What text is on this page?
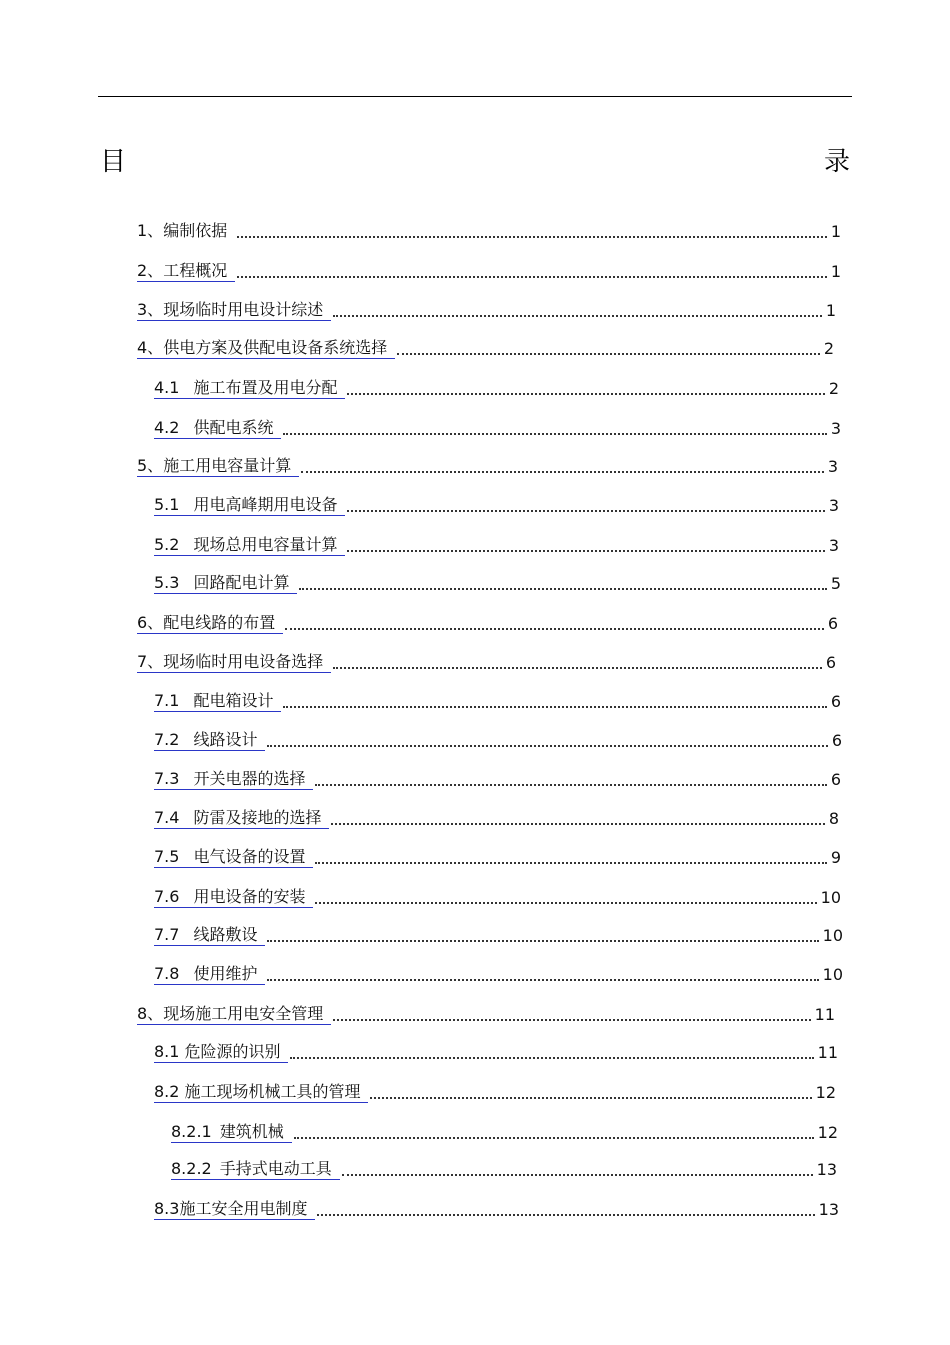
目	录
1、编制依据	1
2、工程概况	1
3、现场临时用电设计综述	1
4、供电方案及供配电设备系统选择	2
4.1 施工布置及用电分配	2
4.2 供配电系统	3
5、施工用电容量计算	3
5.1 用电高峰期用电设备	3
5.2 现场总用电容量计算	3
5.3 回路配电计算	5
6、配电线路的布置	6
7、现场临时用电设备选择	6
7.1 配电箱设计	6
7.2 线路设计	6
7.3 开关电器的选择	6
7.4 防雷及接地的选择	8
7.5 电气设备的设置	9
7.6 用电设备的安装	10
7.7 线路敷设	10
7.8 使用维护	10
8、现场施工用电安全管理	11
8.1 危险源的识别	11
8.2 施工现场机械工具的管理	12
8.2.1 建筑机械	12
8.2.2 手持式电动工具	13
8.3施工安全用电制度	13
